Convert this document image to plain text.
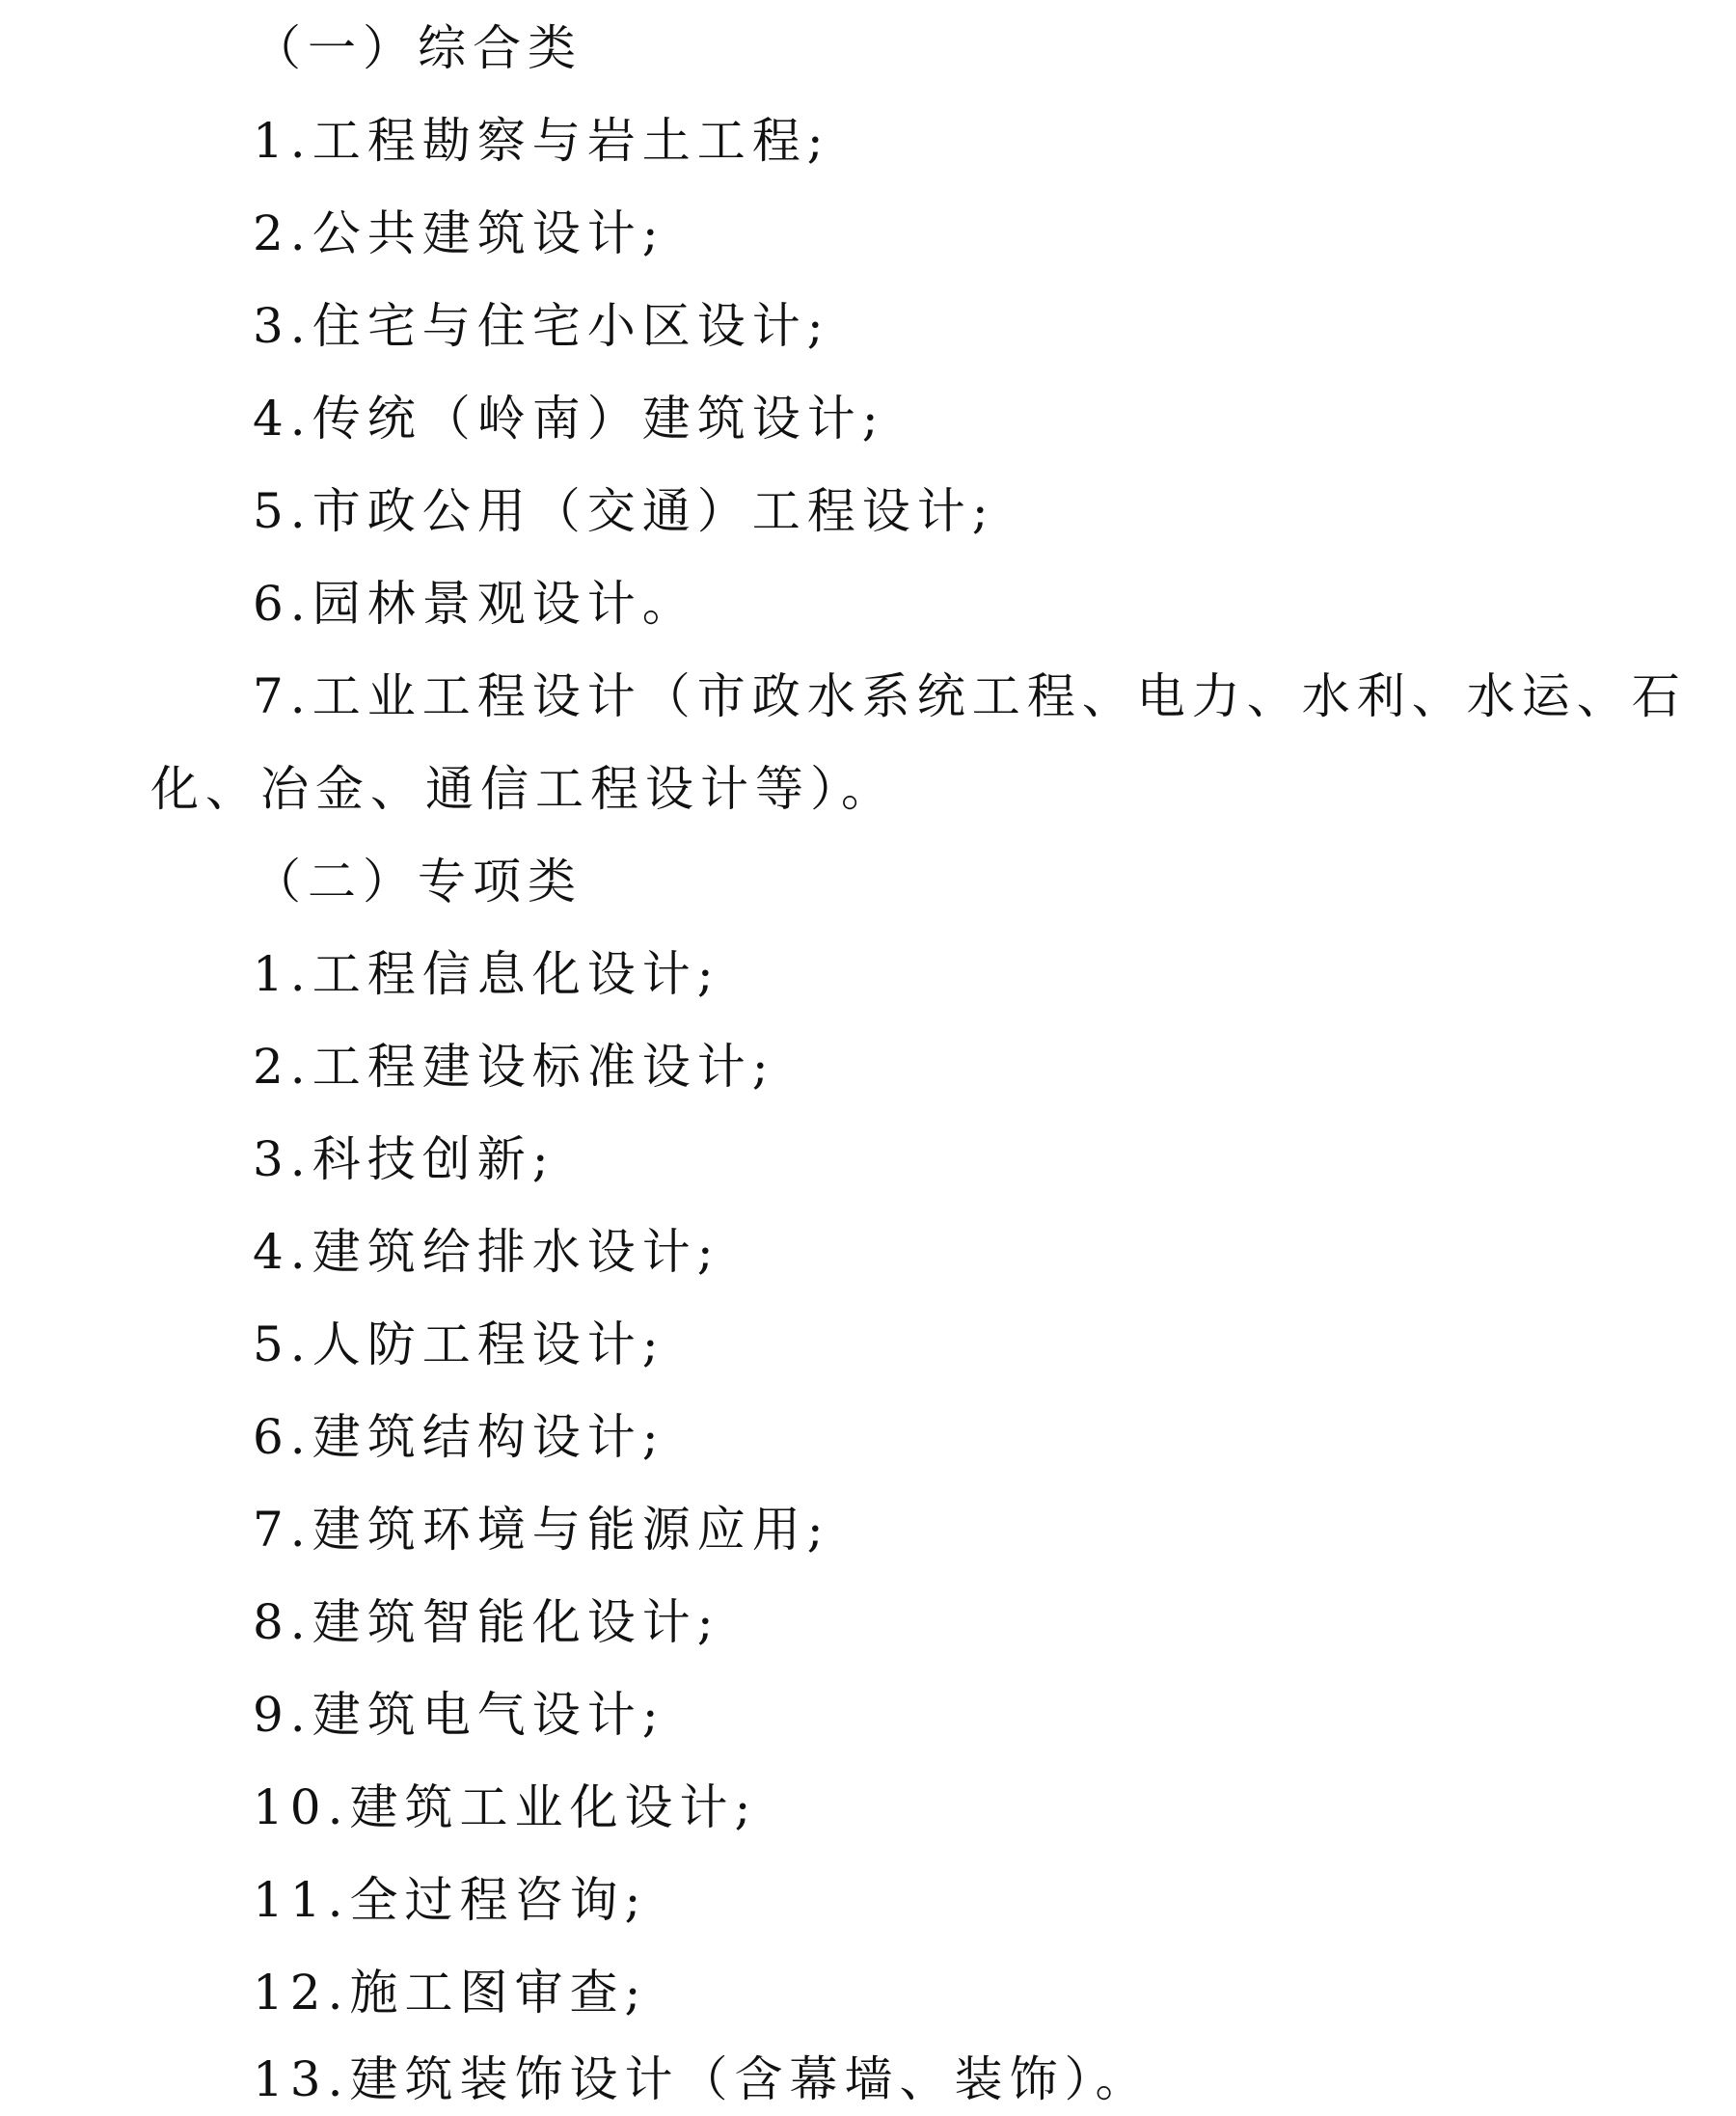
（一）综合类
1.工程勘察与岩土工程;
2.公共建筑设计;
3.住宅与住宅小区设计;
4.传统（岭南）建筑设计;
5.市政公用（交通）工程设计;
6.园林景观设计。
7.工业工程设计（市政水系统工程、电力、水利、水运、石
化、冶金、通信工程设计等）。
（二）专项类
1.工程信息化设计;
2.工程建设标准设计;
3.科技创新;
4.建筑给排水设计;
5.人防工程设计;
6.建筑结构设计;
7.建筑环境与能源应用;
8.建筑智能化设计;
9.建筑电气设计;
10.建筑工业化设计;
11.全过程咨询;
12.施工图审查;
13.建筑装饰设计（含幕墙、装饰）。
